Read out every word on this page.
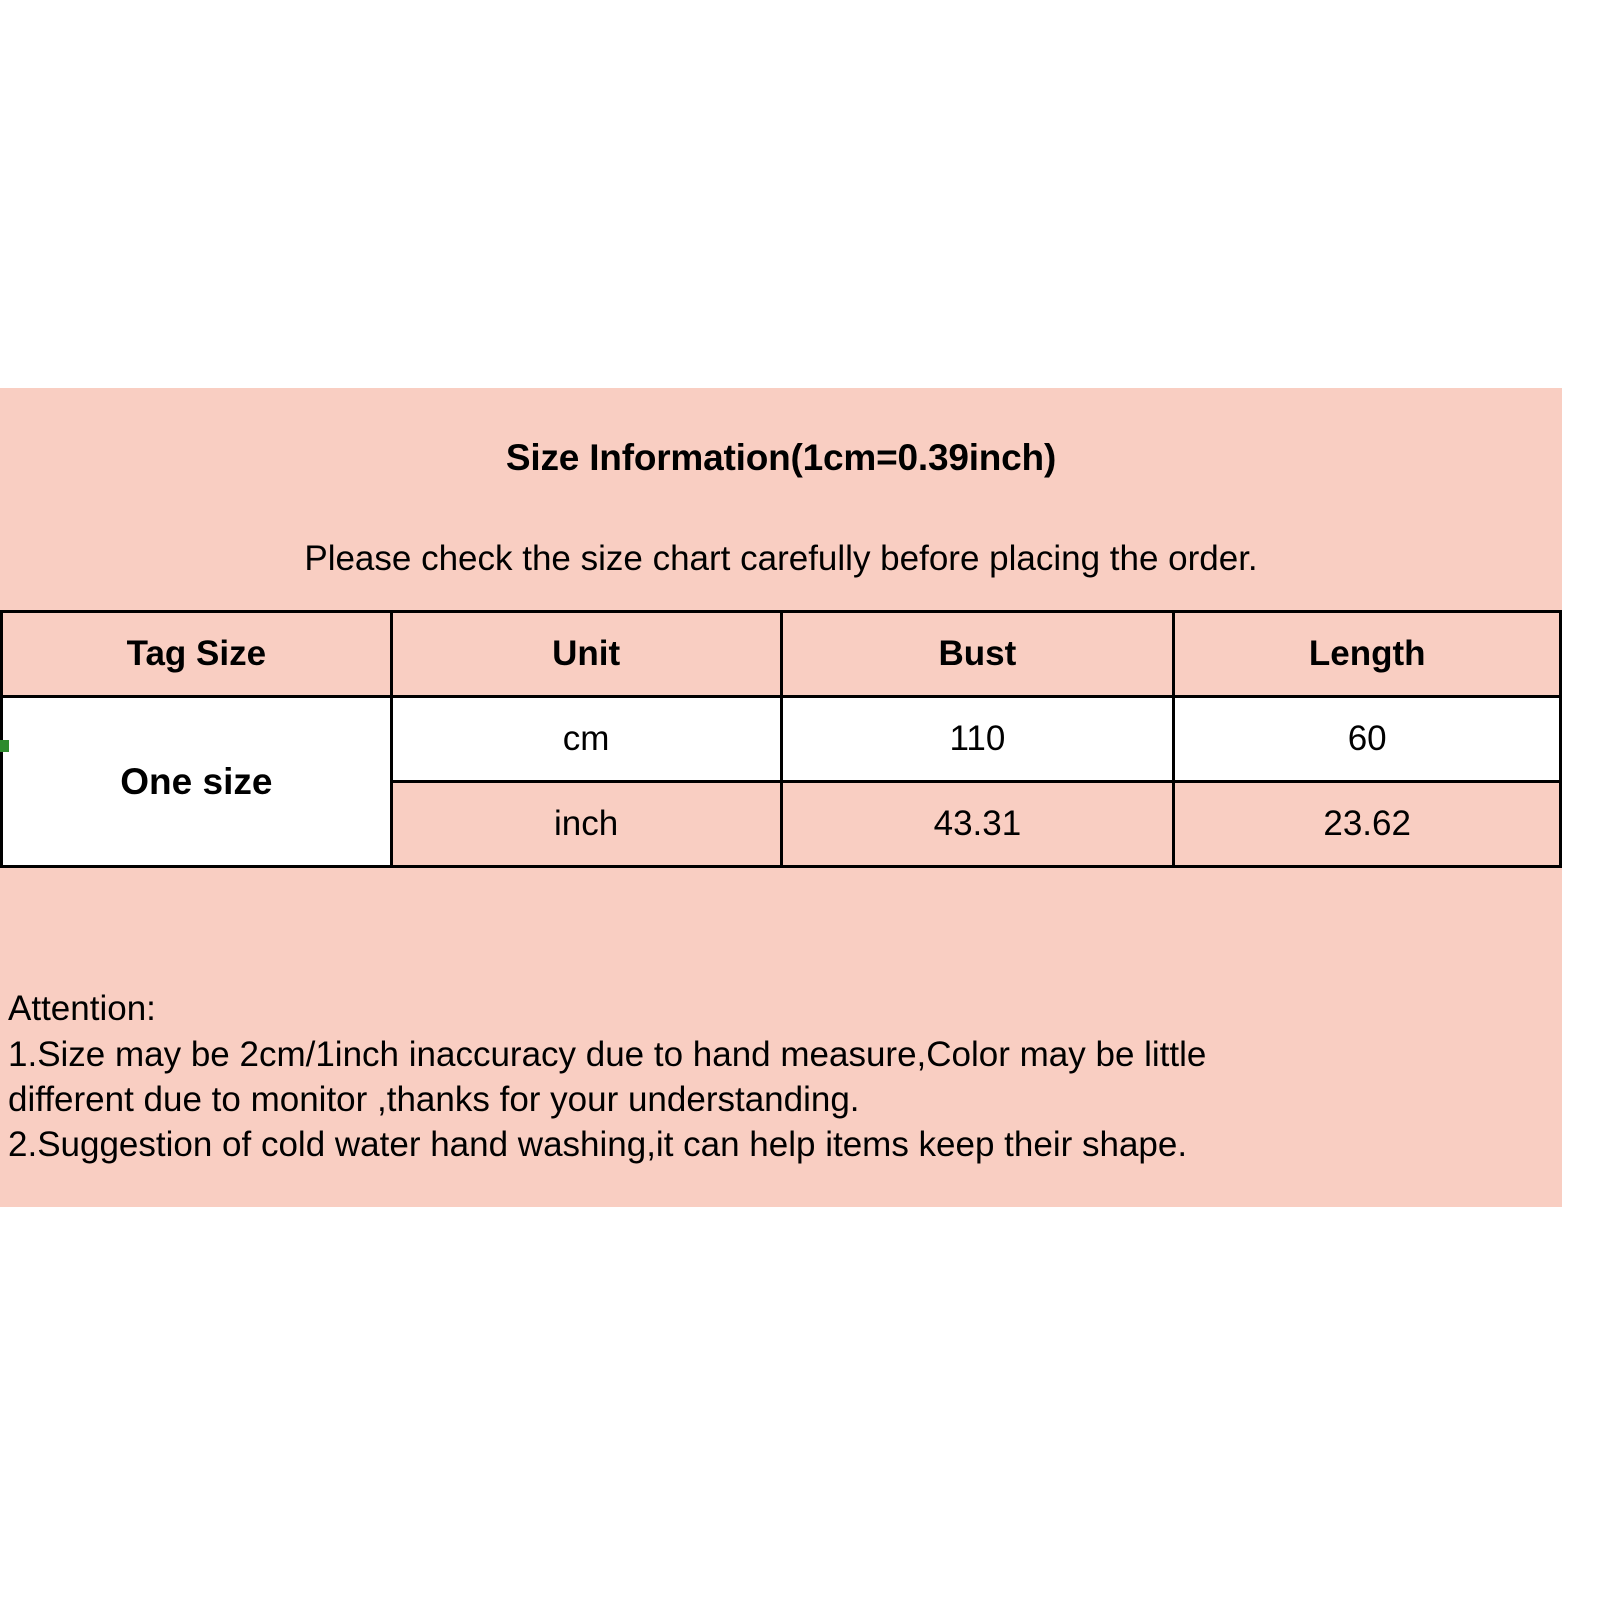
Size Information(1cm=0.39inch)
Please check the size chart carefully before placing the order.
Tag Size	Unit	Bust	Length
One size	cm	110	60
	inch	43.31	23.62
Attention:
1.Size may be 2cm/1inch inaccuracy due to hand measure,Color may be little
different due to monitor ,thanks for your understanding.
2.Suggestion of cold water hand washing,it can help items keep their shape.
